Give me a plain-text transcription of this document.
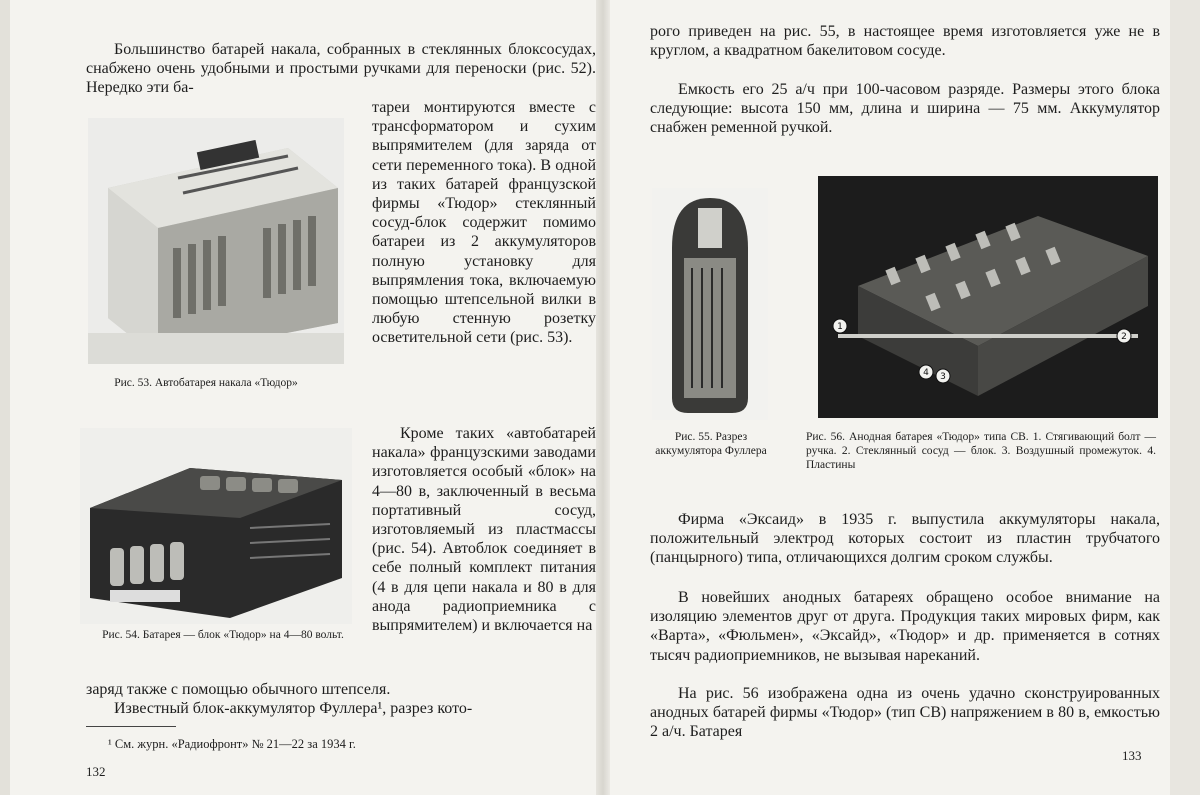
Большинство батарей накала, собранных в стеклянных блоксосудах, снабжено очень удобными и простыми ручками для переноски (рис. 52). Нередко эти ба-

Рис. 53. Автобатарея накала «Тюдор»

тареи монтируются вместе с трансформатором и сухим выпрямителем (для заряда от сети переменного тока). В одной из таких батарей французской фирмы «Тюдор» стеклянный сосуд-блок содержит помимо батареи из 2 аккумуляторов полную установку для выпрямления тока, включаемую помощью штепсельной вилки в любую стенную розетку осветительной сети (рис. 53).

Кроме таких «автобатарей накала» французскими заводами изготовляется особый «блок» на 4—80 в, заключенный в весьма портативный сосуд, изготовляемый из пластмассы (рис. 54). Автоблок соединяет в себе полный комплект питания (4 в для цепи накала и 80 в для анода радиоприемника с выпрямителем) и включается на

Рис. 54. Батарея — блок «Тюдор» на 4—80 вольт.

заряд также с помощью обычного штепселя.

Известный блок-аккумулятор Фуллера¹, разрез кото-

¹ См. журн. «Радиофронт» № 21—22 за 1934 г.

132

рого приведен на рис. 55, в настоящее время изготовляется уже не в круглом, а квадратном бакелитовом сосуде.

Емкость его 25 а/ч при 100-часовом разряде. Размеры этого блока следующие: высота 150 мм, длина и ширина — 75 мм. Аккумулятор снабжен ременной ручкой.

Рис. 55. Разрез аккумулятора Фуллера

1
2
3
4

Рис. 56. Анодная батарея «Тюдор» типа СВ. 1. Стягивающий болт — ручка. 2. Стеклянный сосуд — блок. 3. Воздушный промежуток. 4. Пластины

Фирма «Эксаид» в 1935 г. выпустила аккумуляторы накала, положительный электрод которых состоит из пластин трубчатого (панцырного) типа, отличающихся долгим сроком службы.

В новейших анодных батареях обращено особое внимание на изоляцию элементов друг от друга. Продукция таких мировых фирм, как «Варта», «Фюльмен», «Эксайд», «Тюдор» и др. применяется в сотнях тысяч радиоприемников, не вызывая нареканий.

На рис. 56 изображена одна из очень удачно сконструированных анодных батарей фирмы «Тюдор» (тип СВ) напряжением в 80 в, емкостью 2 а/ч. Батарея

133
